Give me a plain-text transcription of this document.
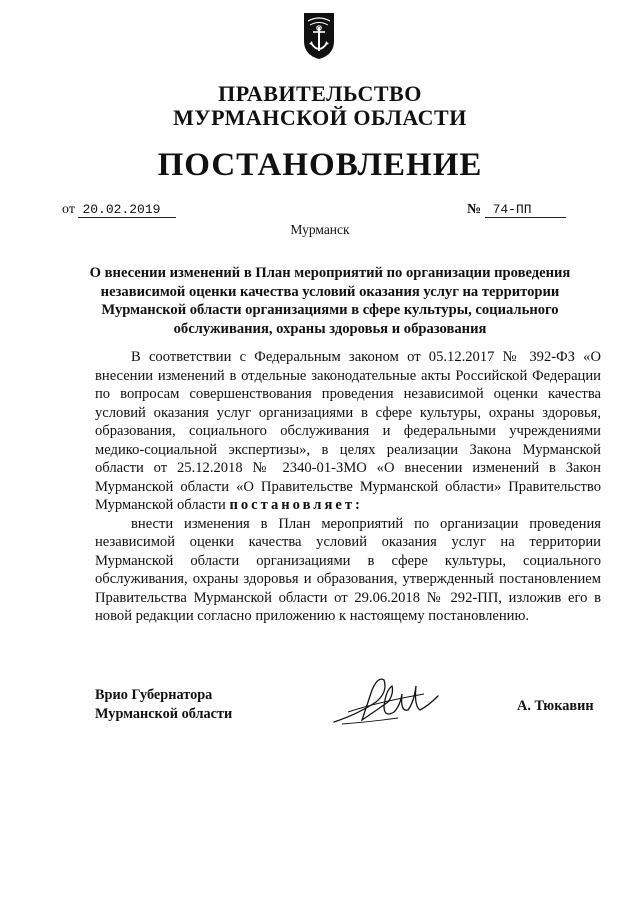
ПРАВИТЕЛЬСТВО
МУРМАНСКОЙ ОБЛАСТИ
ПОСТАНОВЛЕНИЕ
от 20.02.2019	№ 74-ПП
Мурманск
О внесении изменений в План мероприятий по организации проведения
независимой оценки качества условий оказания услуг на территории
Мурманской области организациями в сфере культуры, социального
обслуживания, охраны здоровья и образования

В соответствии с Федеральным законом от 05.12.2017 № 392-ФЗ «О внесении изменений в отдельные законодательные акты Российской Федерации по вопросам совершенствования проведения независимой оценки качества условий оказания услуг организациями в сфере культуры, охраны здоровья, образования, социального обслуживания и федеральными учреждениями медико-социальной экспертизы», в целях реализации Закона Мурманской области от 25.12.2018 № 2340-01-ЗМО «О внесении изменений в Закон Мурманской области «О Правительстве Мурманской области» Правительство Мурманской области постановляет:

внести изменения в План мероприятий по организации проведения независимой оценки качества условий оказания услуг на территории Мурманской области организациями в сфере культуры, социального обслуживания, охраны здоровья и образования, утвержденный постановлением Правительства Мурманской области от 29.06.2018 № 292-ПП, изложив его в новой редакции согласно приложению к настоящему постановлению.

Врио Губернатора
Мурманской области	А. Тюкавин
